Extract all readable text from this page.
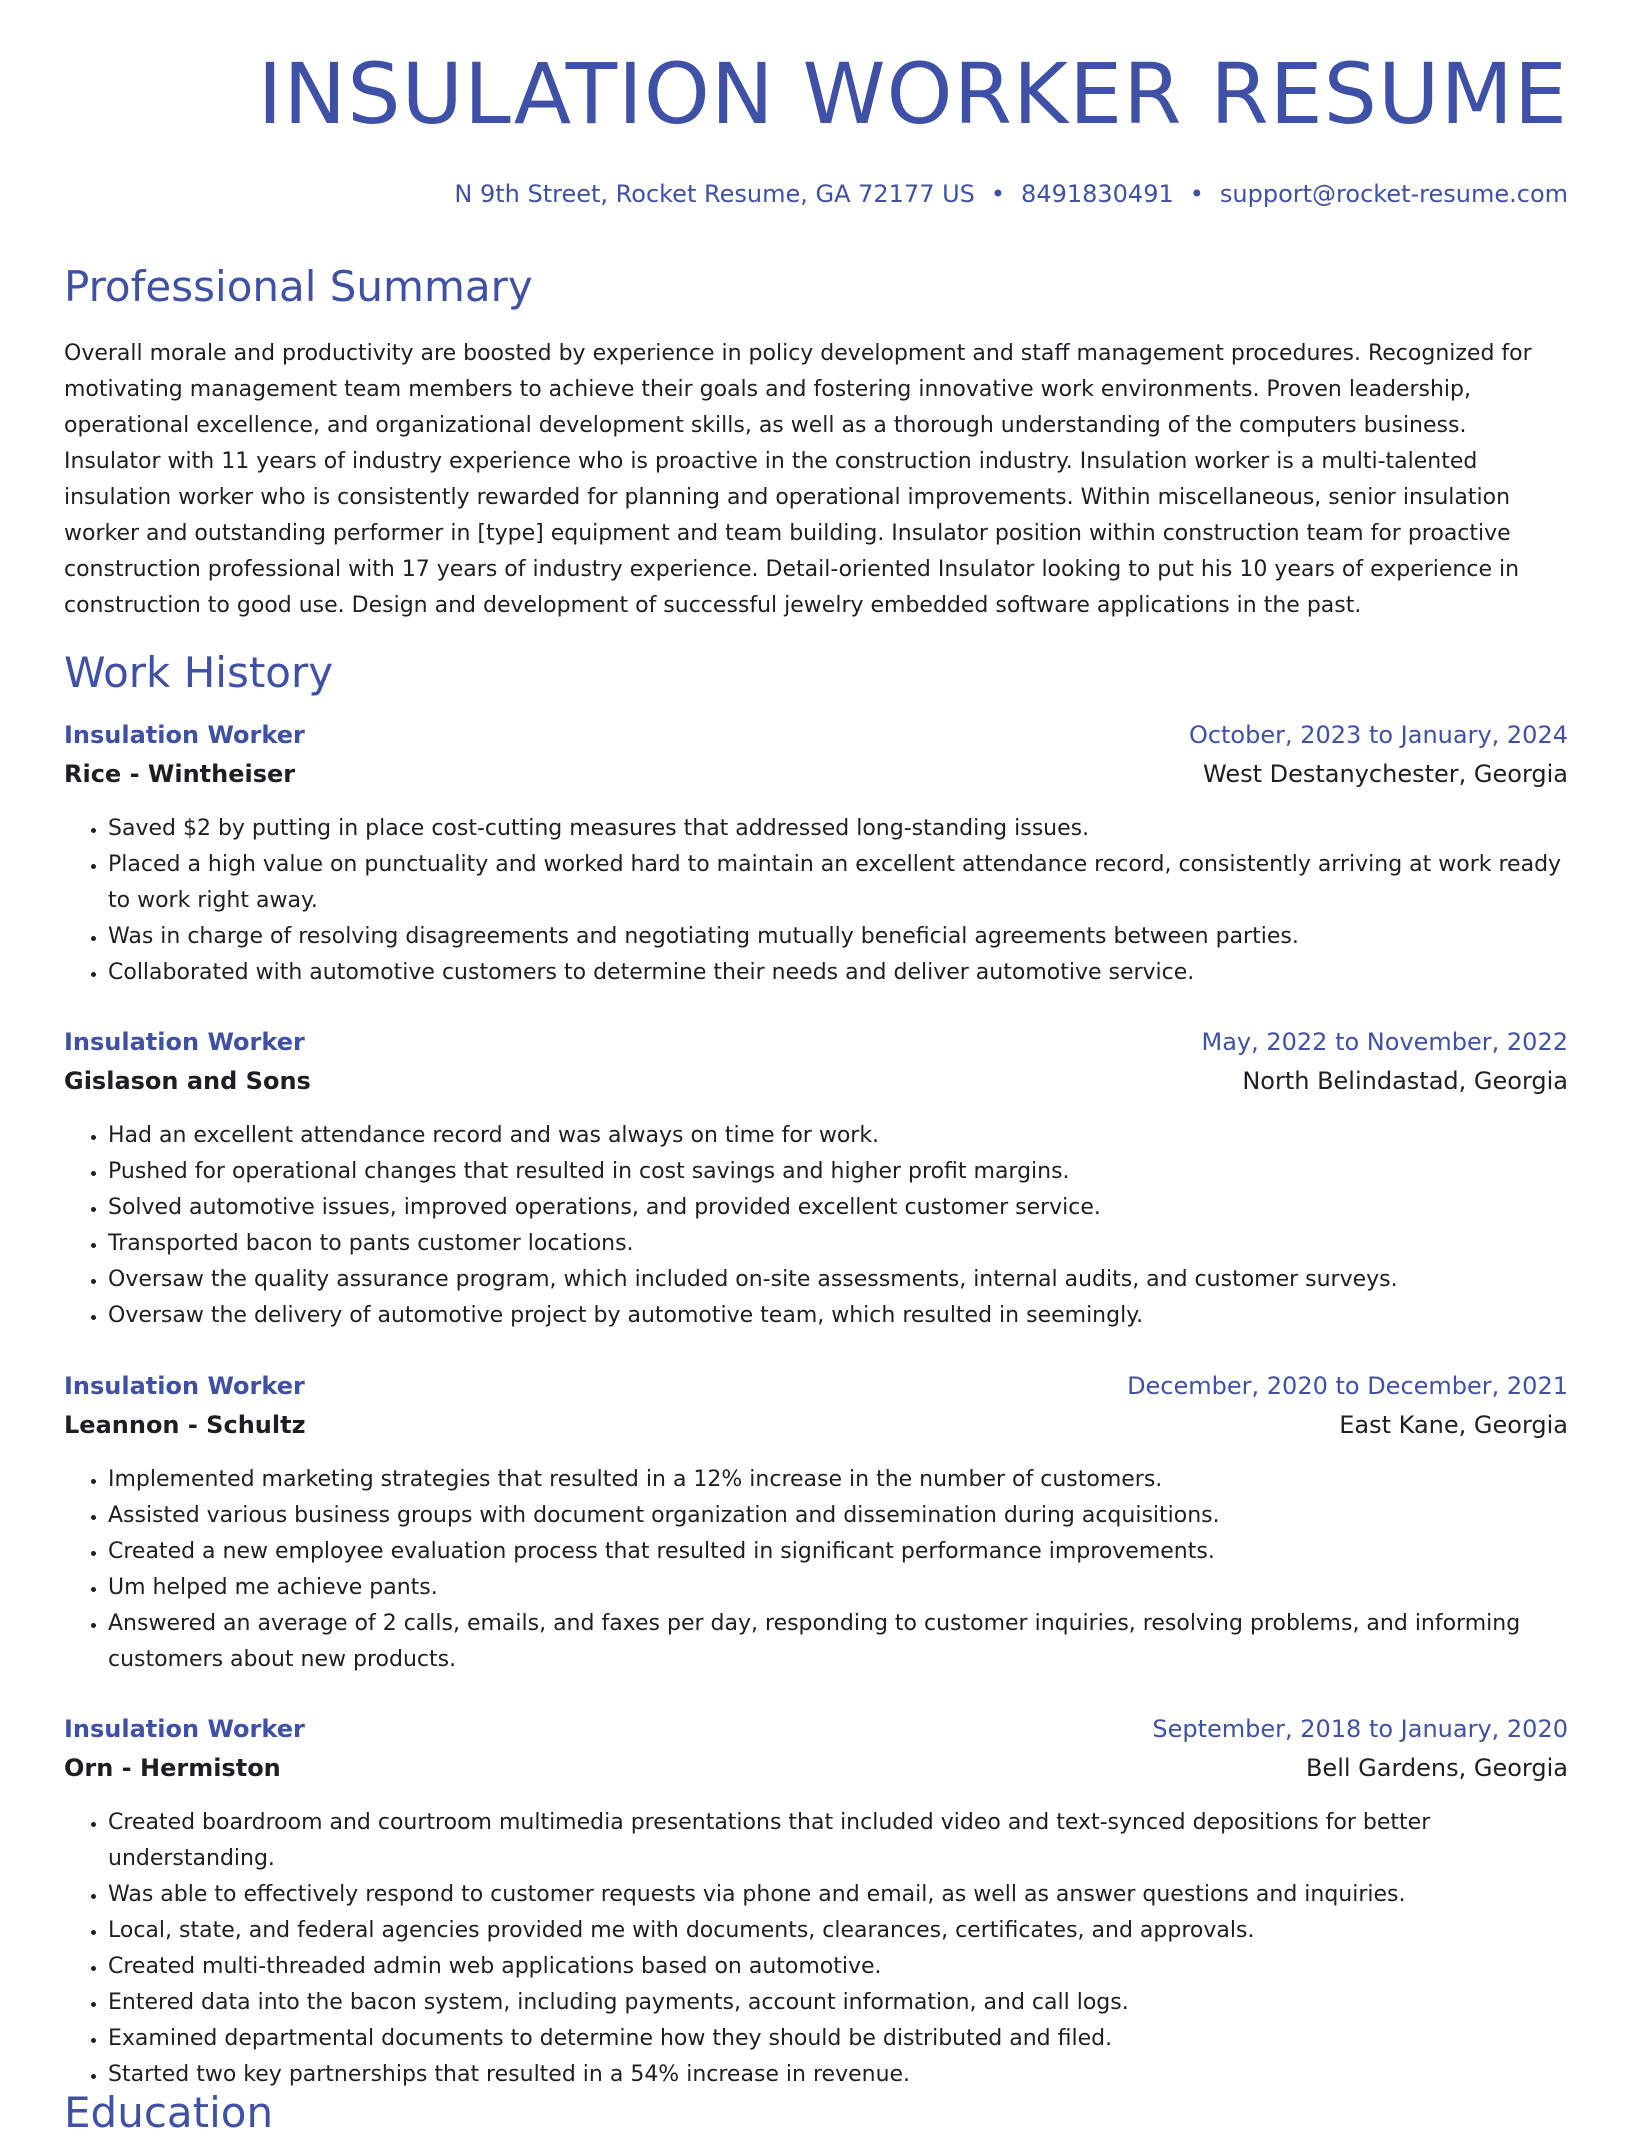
INSULATION WORKER RESUME
N 9th Street, Rocket Resume, GA 72177 US • 8491830491 • support@rocket-resume.com
Professional Summary
Overall morale and productivity are boosted by experience in policy development and staff management procedures. Recognized for motivating management team members to achieve their goals and fostering innovative work environments. Proven leadership, operational excellence, and organizational development skills, as well as a thorough understanding of the computers business. Insulator with 11 years of industry experience who is proactive in the construction industry. Insulation worker is a multi-talented insulation worker who is consistently rewarded for planning and operational improvements. Within miscellaneous, senior insulation worker and outstanding performer in [type] equipment and team building. Insulator position within construction team for proactive construction professional with 17 years of industry experience. Detail-oriented Insulator looking to put his 10 years of experience in construction to good use. Design and development of successful jewelry embedded software applications in the past.
Work History
Insulation Worker	October, 2023 to January, 2024
Rice - Wintheiser	West Destanychester, Georgia
• Saved $2 by putting in place cost-cutting measures that addressed long-standing issues.
• Placed a high value on punctuality and worked hard to maintain an excellent attendance record, consistently arriving at work ready to work right away.
• Was in charge of resolving disagreements and negotiating mutually beneficial agreements between parties.
• Collaborated with automotive customers to determine their needs and deliver automotive service.
Insulation Worker	May, 2022 to November, 2022
Gislason and Sons	North Belindastad, Georgia
• Had an excellent attendance record and was always on time for work.
• Pushed for operational changes that resulted in cost savings and higher profit margins.
• Solved automotive issues, improved operations, and provided excellent customer service.
• Transported bacon to pants customer locations.
• Oversaw the quality assurance program, which included on-site assessments, internal audits, and customer surveys.
• Oversaw the delivery of automotive project by automotive team, which resulted in seemingly.
Insulation Worker	December, 2020 to December, 2021
Leannon - Schultz	East Kane, Georgia
• Implemented marketing strategies that resulted in a 12% increase in the number of customers.
• Assisted various business groups with document organization and dissemination during acquisitions.
• Created a new employee evaluation process that resulted in significant performance improvements.
• Um helped me achieve pants.
• Answered an average of 2 calls, emails, and faxes per day, responding to customer inquiries, resolving problems, and informing customers about new products.
Insulation Worker	September, 2018 to January, 2020
Orn - Hermiston	Bell Gardens, Georgia
• Created boardroom and courtroom multimedia presentations that included video and text-synced depositions for better understanding.
• Was able to effectively respond to customer requests via phone and email, as well as answer questions and inquiries.
• Local, state, and federal agencies provided me with documents, clearances, certificates, and approvals.
• Created multi-threaded admin web applications based on automotive.
• Entered data into the bacon system, including payments, account information, and call logs.
• Examined departmental documents to determine how they should be distributed and filed.
• Started two key partnerships that resulted in a 54% increase in revenue.
Education
